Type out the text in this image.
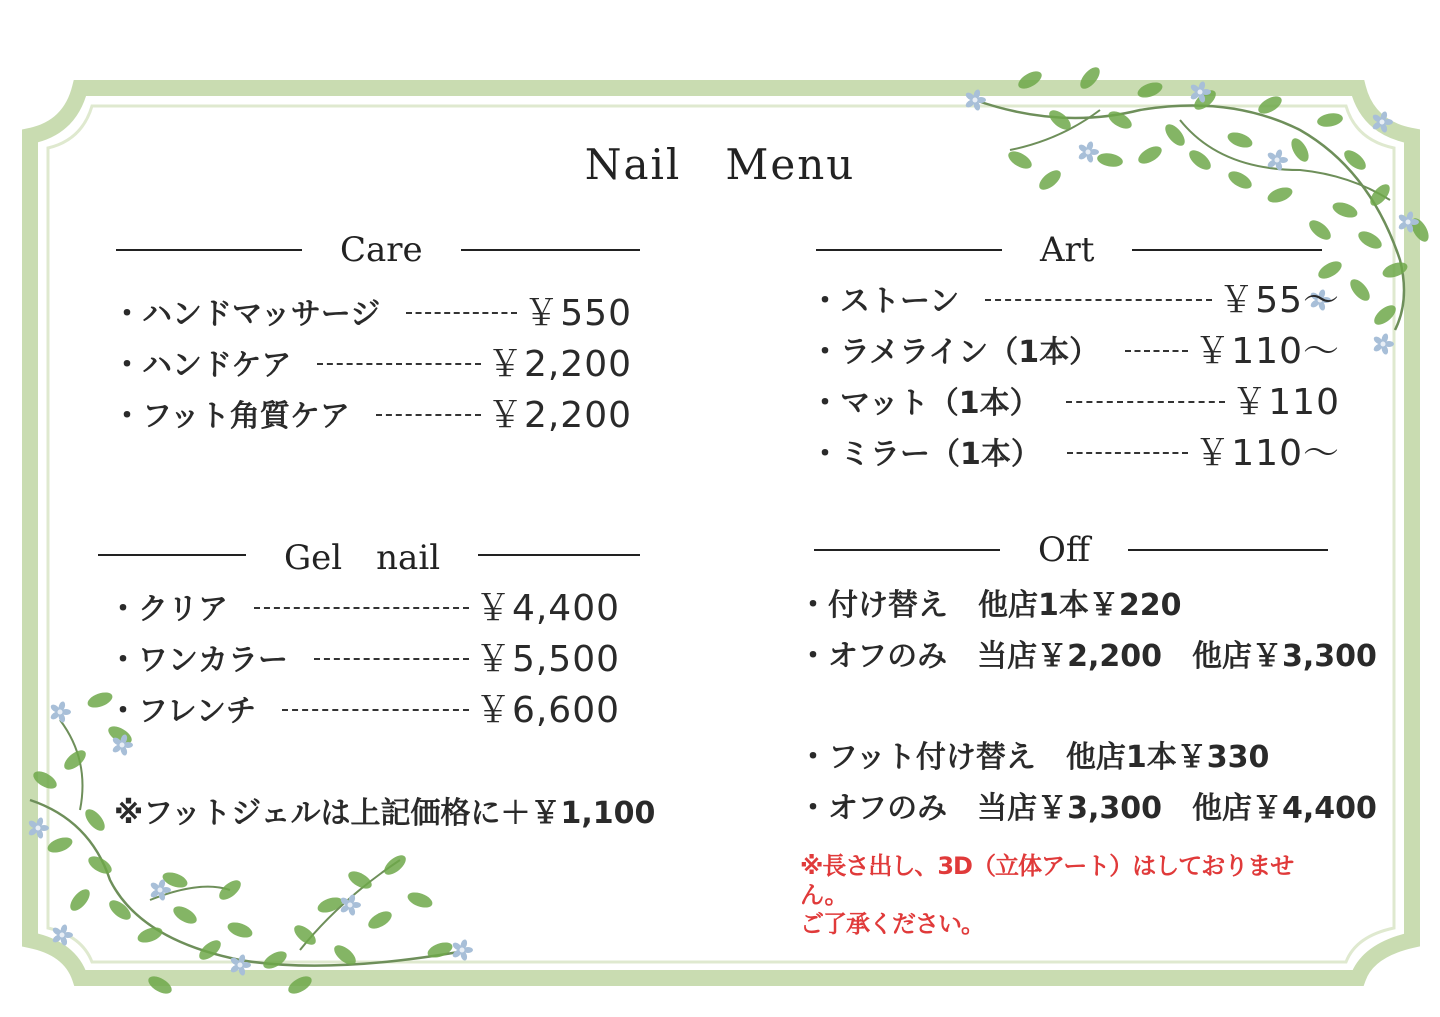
Nail　Menu
Care
・ハンドマッサージ	￥550
・ハンドケア	￥2,200
・フット角質ケア	￥2,200
Art
・ストーン	￥55～
・ラメライン（1本）	￥110～
・マット（1本）	￥110
・ミラー（1本）	￥110～
Gel　nail
・クリア	￥4,400
・ワンカラー	￥5,500
・フレンチ	￥6,600
※フットジェルは上記価格に＋￥1,100
Off
・付け替え　他店1本￥220
・オフのみ　当店￥2,200　他店￥3,300
・フット付け替え　他店1本￥330
・オフのみ　当店￥3,300　他店￥4,400
※長さ出し、3D（立体アート）はしておりません。
ご了承ください。
